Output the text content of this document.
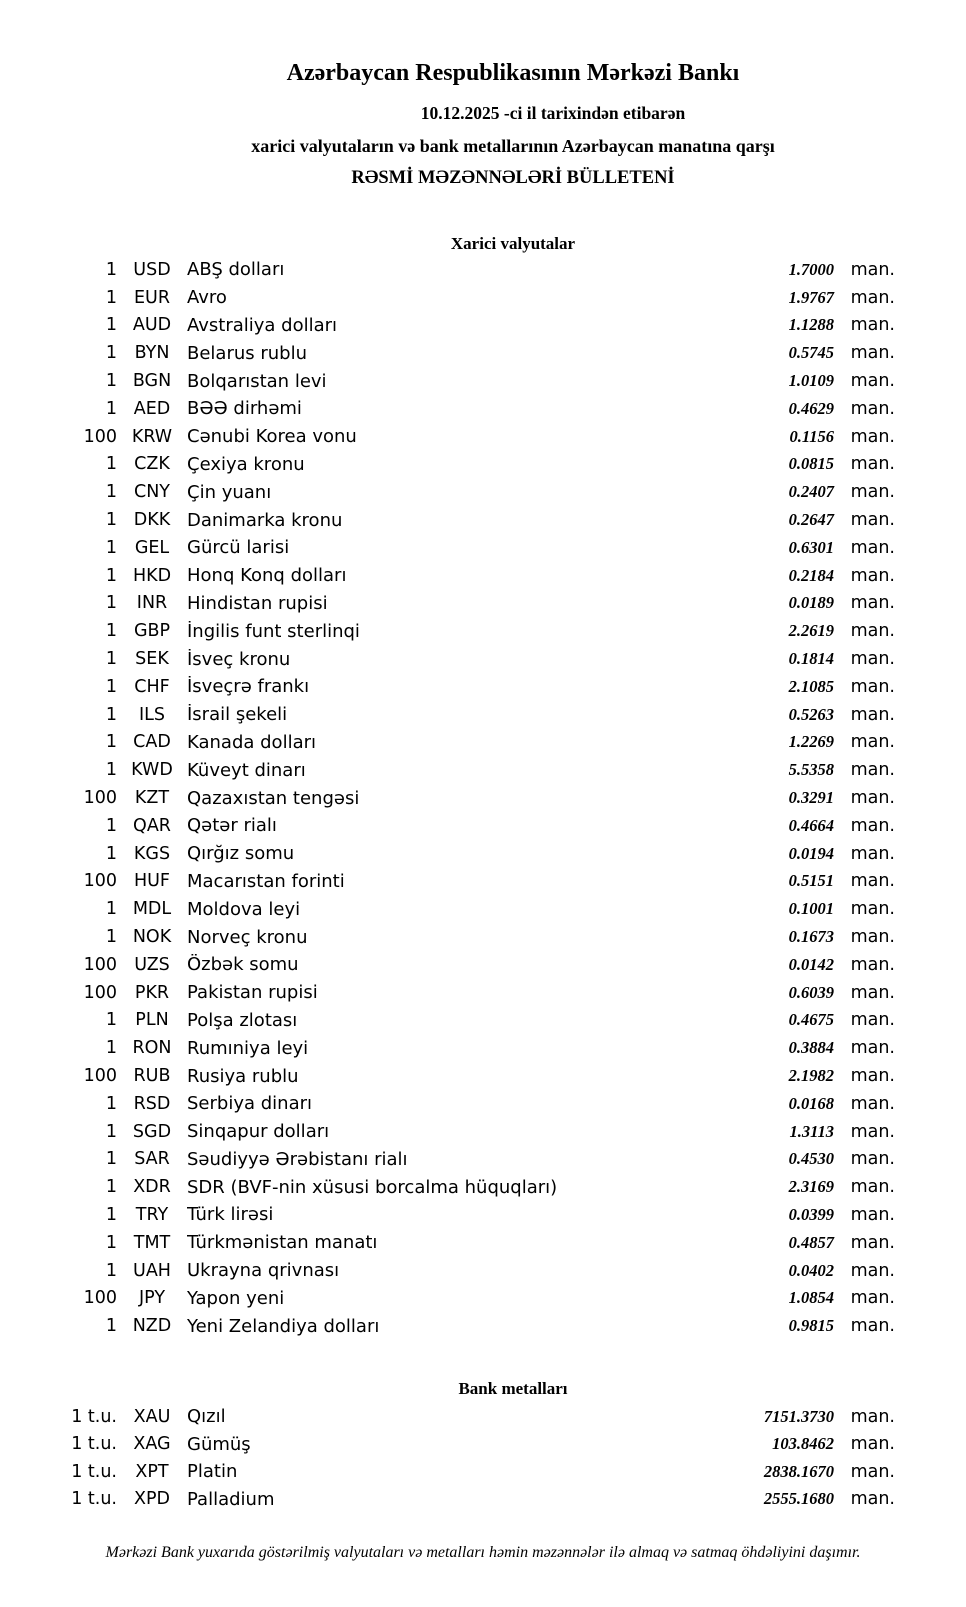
Azərbaycan Respublikasının Mərkəzi Bankı

10.12.2025 -ci il tarixindən etibarən

xarici valyutaların və bank metallarının Azərbaycan manatına qarşı

RƏSMİ MƏZƏNNƏLƏRİ BÜLLETENİ

Xarici valyutalar
1 USD ABŞ dolları	1.7000 man.
1 EUR Avro	1.9767 man.
1 AUD Avstraliya dolları	1.1288 man.
1	BYN Belarus rublu	0.5745 man.
1 BGN Bolqarıstan levi	1.0109 man.
1 AED BƏƏ dirhəmi	0.4629 man.
100 KRW Cənubi Korea vonu	0.1156 man.
1 CZK Çexiya kronu	0.0815 man.
1 CNY Çin yuanı	0.2407 man.
1 DKK Danimarka kronu	0.2647 man.
1	GEL Gürcü larisi	0.6301 man.
1 HKD Honq Konq dolları	0.2184 man.
1	INR	Hindistan rupisi	0.0189 man.
1 GBP İngilis funt sterlinqi	2.2619 man.
1	SEK	İsveç kronu	0.1814 man.
1 CHF İsveçrə frankı	2.1085 man.
1	ILS	İsrail şekeli	0.5263 man.
1 CAD Kanada dolları	1.2269 man.
1 KWD Küveyt dinarı	5.5358 man.
100	KZT Qazaxıstan tengəsi	0.3291 man.
1 QAR Qətər rialı	0.4664 man.
1 KGS Qırğız somu	0.0194 man.
100 HUF Macarıstan forinti	0.5151 man.
1 MDL Moldova leyi	0.1001 man.
1 NOK Norveç kronu	0.1673 man.
100 UZS Özbək somu	0.0142 man.
100	PKR Pakistan rupisi	0.6039 man.
1	PLN	Polşa zlotası	0.4675 man.
1 RON Rumıniya leyi	0.3884 man.
100 RUB Rusiya rublu	2.1982 man.
1 RSD Serbiya dinarı	0.0168 man.
1 SGD Sinqapur dolları	1.3113 man.
1 SAR Səudiyyə Ərəbistanı rialı	0.4530 man.
1 XDR SDR (BVF-nin xüsusi borcalma hüquqları)	2.3169 man.
1	TRY	Türk lirəsi	0.0399 man.
1 TMT Türkmənistan manatı	0.4857 man.
1 UAH Ukrayna qrivnası	0.0402 man.
100	JPY	Yapon yeni	1.0854 man.
1 NZD Yeni Zelandiya dolları	0.9815 man.
Bank metalları
1 t.u. XAU Qızıl	7151.3730 man.
1 t.u. XAG Gümüş	103.8462 man.
1 t.u.	XPT	Platin	2838.1670 man.
1 t.u. XPD Palladium	2555.1680 man.

Mərkəzi Bank yuxarıda göstərilmiş valyutaları və metalları həmin məzənnələr ilə almaq və satmaq öhdəliyini daşımır.
